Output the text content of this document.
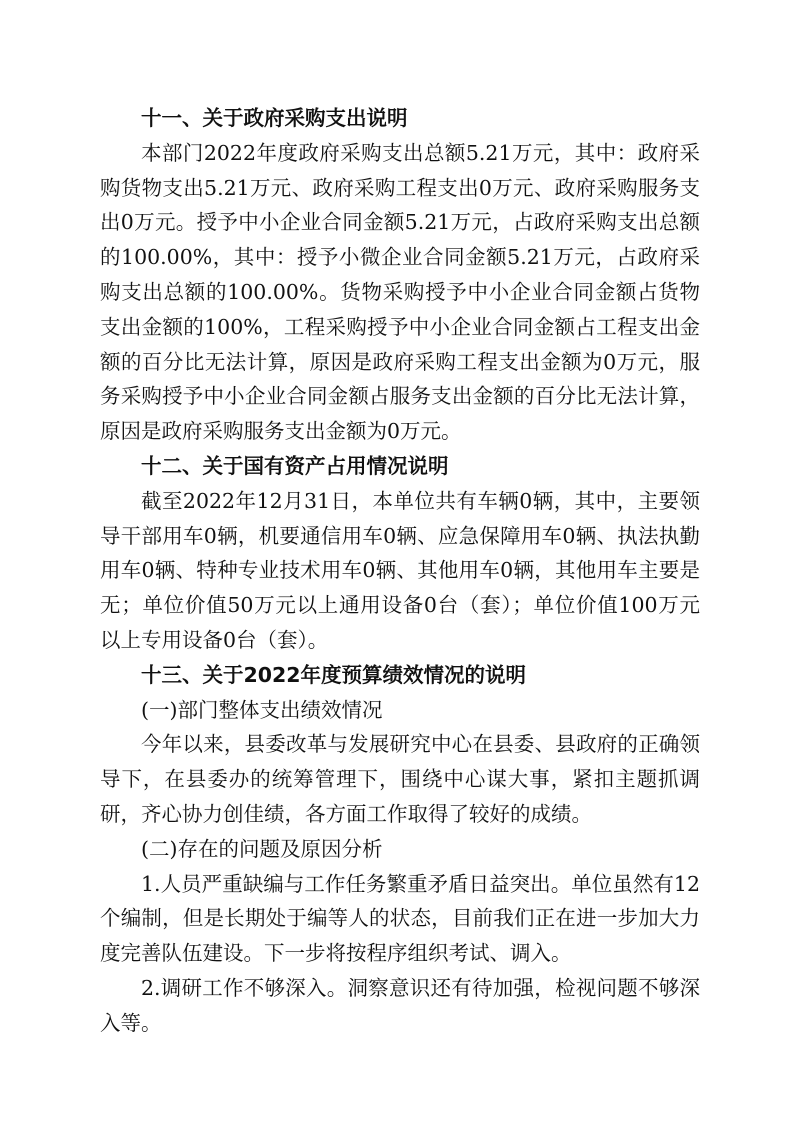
十一、关于政府采购支出说明

本部门2022年度政府采购支出总额5.21万元，其中：政府采购货物支出5.21万元、政府采购工程支出0万元、政府采购服务支出0万元。授予中小企业合同金额5.21万元，占政府采购支出总额的100.00%，其中：授予小微企业合同金额5.21万元，占政府采购支出总额的100.00%。货物采购授予中小企业合同金额占货物支出金额的100%，工程采购授予中小企业合同金额占工程支出金额的百分比无法计算，原因是政府采购工程支出金额为0万元，服务采购授予中小企业合同金额占服务支出金额的百分比无法计算，原因是政府采购服务支出金额为0万元。

十二、关于国有资产占用情况说明

截至2022年12月31日，本单位共有车辆0辆，其中，主要领导干部用车0辆，机要通信用车0辆、应急保障用车0辆、执法执勤用车0辆、特种专业技术用车0辆、其他用车0辆，其他用车主要是无；单位价值50万元以上通用设备0台（套）；单位价值100万元以上专用设备0台（套）。

十三、关于2022年度预算绩效情况的说明

(一)部门整体支出绩效情况

今年以来，县委改革与发展研究中心在县委、县政府的正确领导下，在县委办的统筹管理下，围绕中心谋大事，紧扣主题抓调研，齐心协力创佳绩，各方面工作取得了较好的成绩。

(二)存在的问题及原因分析

1.人员严重缺编与工作任务繁重矛盾日益突出。单位虽然有12个编制，但是长期处于编等人的状态，目前我们正在进一步加大力度完善队伍建设。下一步将按程序组织考试、调入。

2.调研工作不够深入。洞察意识还有待加强，检视问题不够深入等。
